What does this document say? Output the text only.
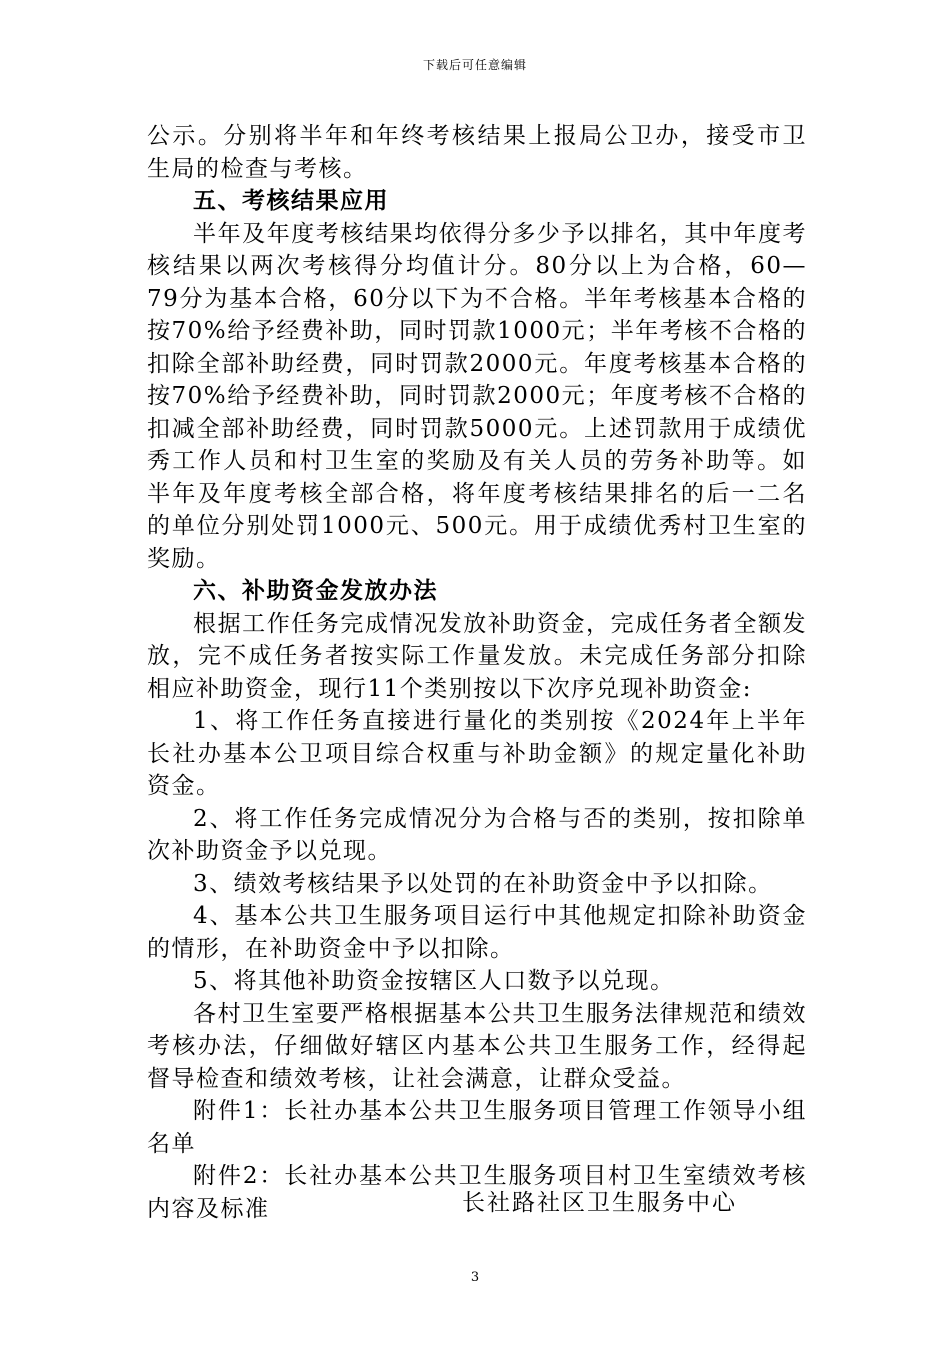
下载后可任意编辑

公示。分别将半年和年终考核结果上报局公卫办，接受市卫生局的检查与考核。

五、考核结果应用

半年及年度考核结果均依得分多少予以排名，其中年度考核结果以两次考核得分均值计分。80分以上为合格，60—79分为基本合格，60分以下为不合格。半年考核基本合格的按70%给予经费补助，同时罚款1000元；半年考核不合格的扣除全部补助经费，同时罚款2000元。年度考核基本合格的按70%给予经费补助，同时罚款2000元；年度考核不合格的扣减全部补助经费，同时罚款5000元。上述罚款用于成绩优秀工作人员和村卫生室的奖励及有关人员的劳务补助等。如半年及年度考核全部合格，将年度考核结果排名的后一二名的单位分别处罚1000元、500元。用于成绩优秀村卫生室的奖励。

六、补助资金发放办法

根据工作任务完成情况发放补助资金，完成任务者全额发放，完不成任务者按实际工作量发放。未完成任务部分扣除相应补助资金，现行11个类别按以下次序兑现补助资金:

1、将工作任务直接进行量化的类别按《2024年上半年长社办基本公卫项目综合权重与补助金额》的规定量化补助资金。

2、将工作任务完成情况分为合格与否的类别，按扣除单次补助资金予以兑现。

3、绩效考核结果予以处罚的在补助资金中予以扣除。

4、基本公共卫生服务项目运行中其他规定扣除补助资金的情形，在补助资金中予以扣除。

5、将其他补助资金按辖区人口数予以兑现。

各村卫生室要严格根据基本公共卫生服务法律规范和绩效考核办法，仔细做好辖区内基本公共卫生服务工作，经得起督导检查和绩效考核，让社会满意，让群众受益。

附件1：长社办基本公共卫生服务项目管理工作领导小组名单

附件2：长社办基本公共卫生服务项目村卫生室绩效考核内容及标准	长社路社区卫生服务中心
3
